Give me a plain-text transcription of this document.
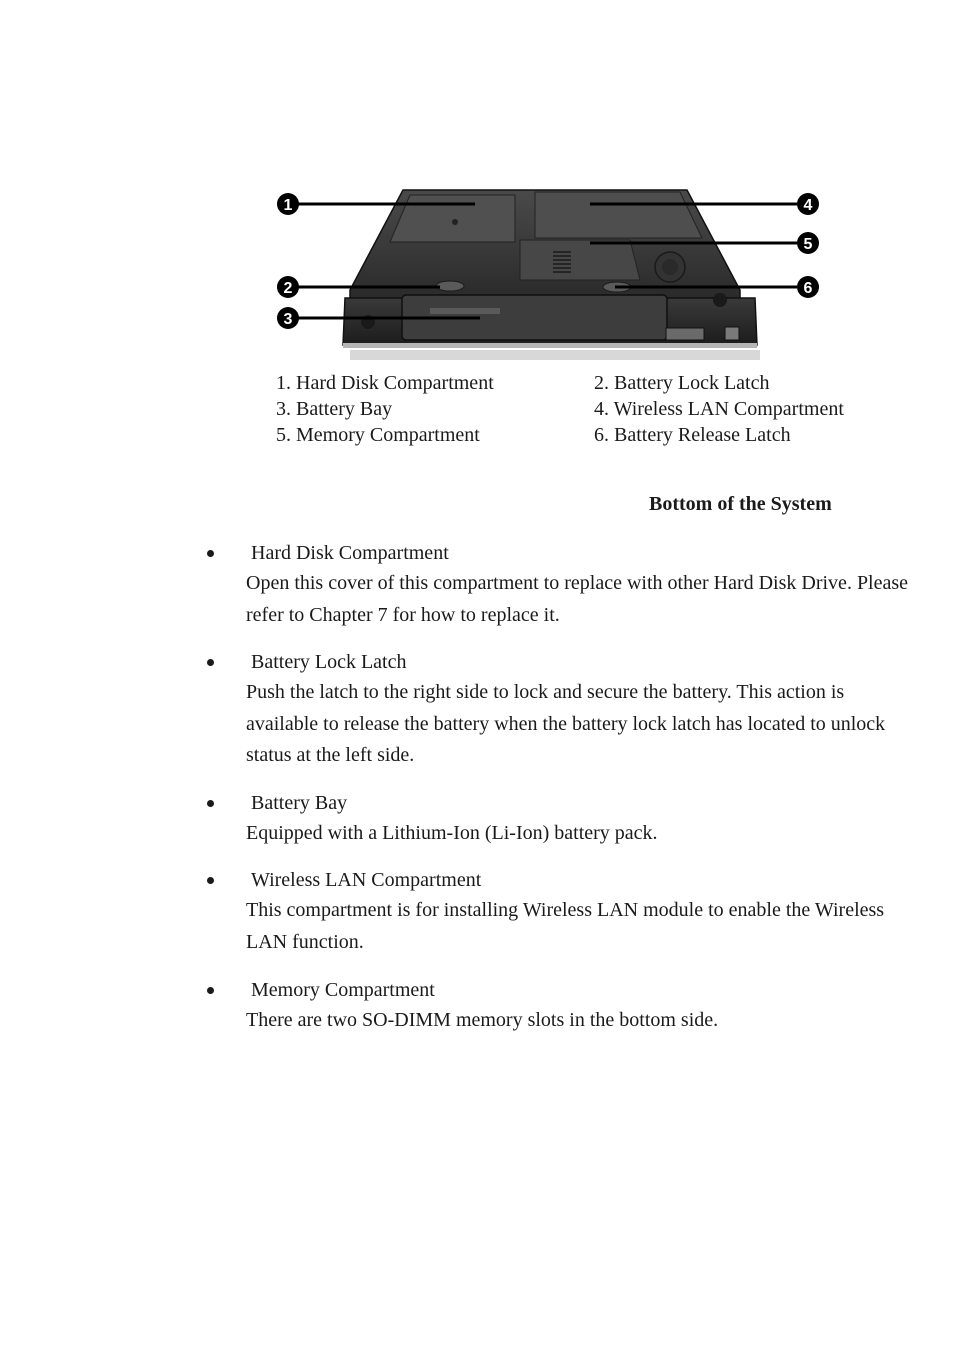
1
2
3
4
5
6
1. Hard Disk Compartment	2. Battery Lock Latch
3. Battery Bay	4. Wireless LAN Compartment
5. Memory Compartment	6. Battery Release Latch
Bottom of the System
Hard Disk Compartment
Open this cover of this compartment to replace with other Hard Disk Drive. Please refer to Chapter 7 for how to replace it.
Battery Lock Latch
Push the latch to the right side to lock and secure the battery. This action is available to release the battery when the battery lock latch has located to unlock status at the left side.
Battery Bay
Equipped with a Lithium-Ion (Li-Ion) battery pack.
Wireless LAN Compartment
This compartment is for installing Wireless LAN module to enable the Wireless LAN function.
Memory Compartment
There are two SO-DIMM memory slots in the bottom side.
